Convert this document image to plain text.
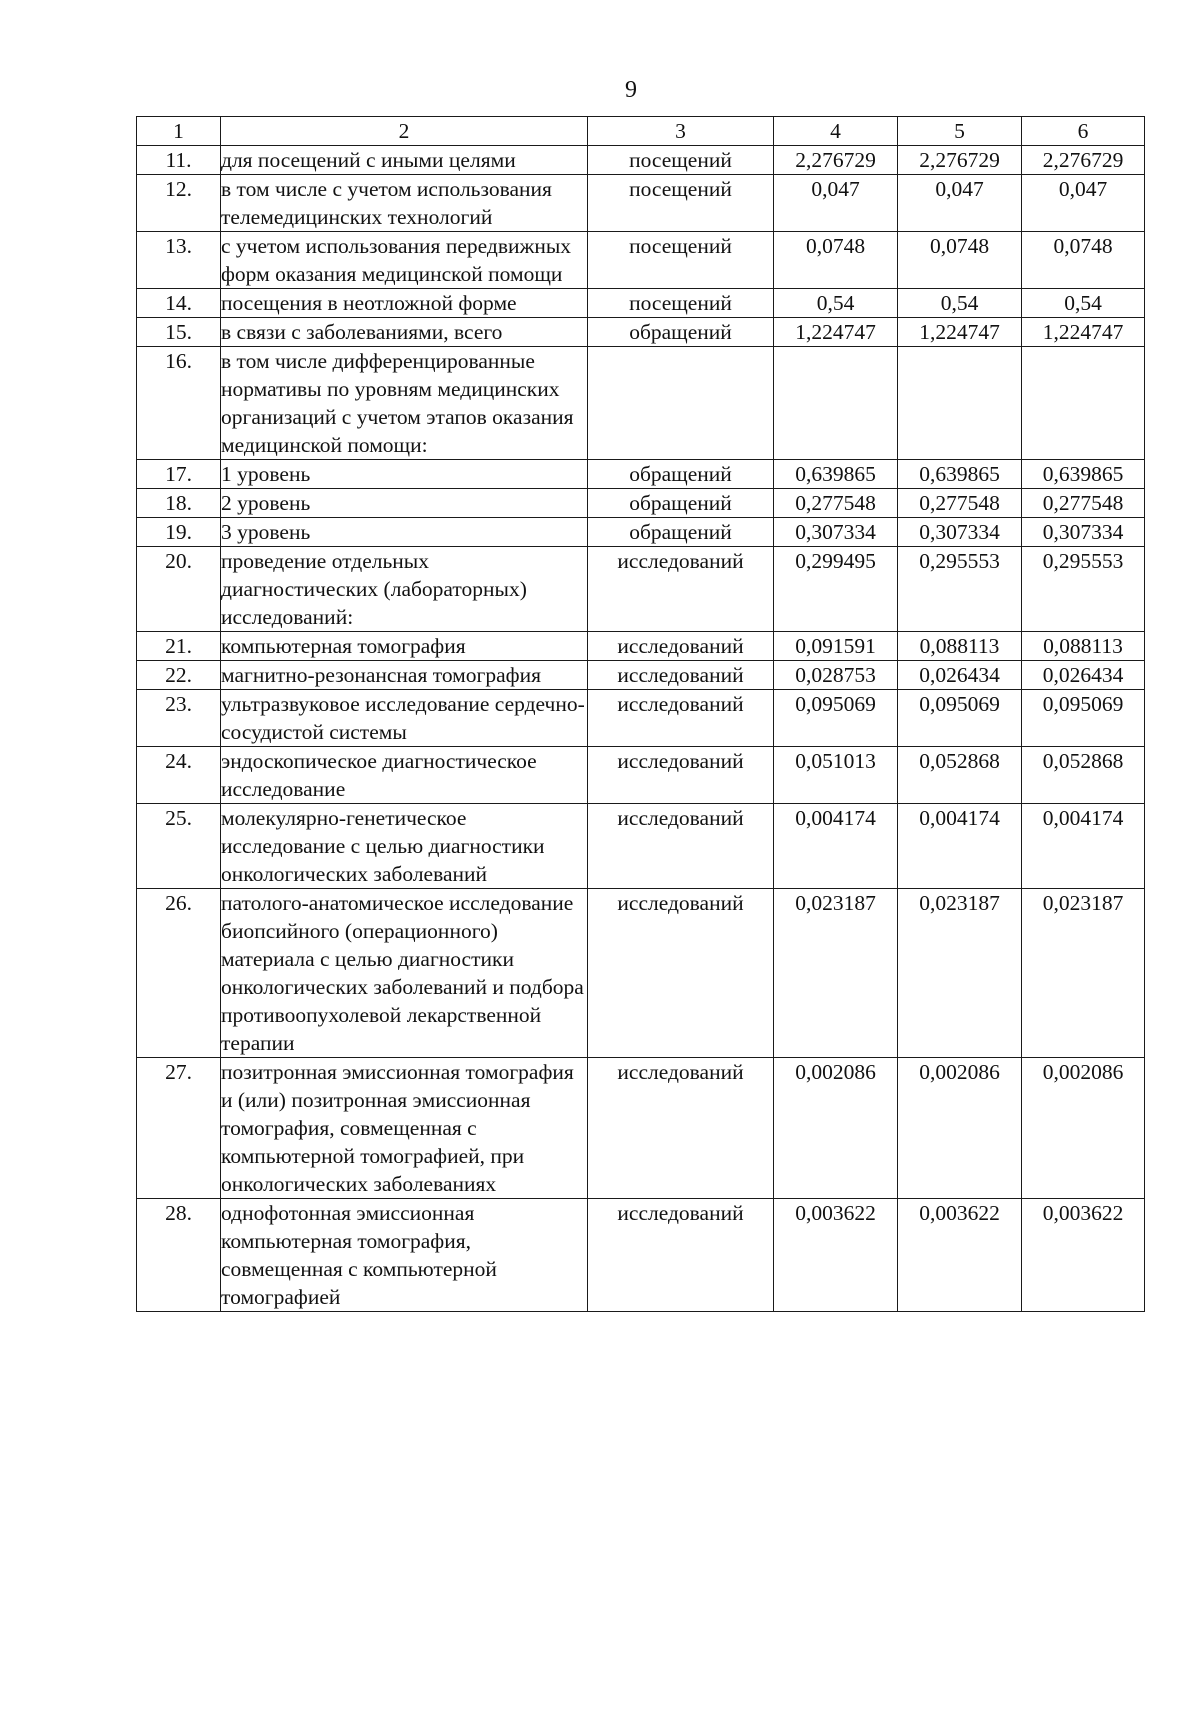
9
1	2	3	4	5	6
11.	для посещений с иными целями	посещений	2,276729	2,276729	2,276729
12.	в том числе с учетом использования телемедицинских технологий	посещений	0,047	0,047	0,047
13.	с учетом использования передвижных форм оказания медицинской помощи	посещений	0,0748	0,0748	0,0748
14.	посещения в неотложной форме	посещений	0,54	0,54	0,54
15.	в связи с заболеваниями, всего	обращений	1,224747	1,224747	1,224747
16.	в том числе дифференцированные нормативы по уровням медицинских организаций с учетом этапов оказания медицинской помощи:				
17.	1 уровень	обращений	0,639865	0,639865	0,639865
18.	2 уровень	обращений	0,277548	0,277548	0,277548
19.	3 уровень	обращений	0,307334	0,307334	0,307334
20.	проведение отдельных диагностических (лабораторных) исследований:	исследований	0,299495	0,295553	0,295553
21.	компьютерная томография	исследований	0,091591	0,088113	0,088113
22.	магнитно-резонансная томография	исследований	0,028753	0,026434	0,026434
23.	ультразвуковое исследование сердечно-сосудистой системы	исследований	0,095069	0,095069	0,095069
24.	эндоскопическое диагностическое исследование	исследований	0,051013	0,052868	0,052868
25.	молекулярно-генетическое исследование с целью диагностики онкологических заболеваний	исследований	0,004174	0,004174	0,004174
26.	патолого-анатомическое исследование биопсийного (операционного) материала с целью диагностики онкологических заболеваний и подбора противоопухолевой лекарственной терапии	исследований	0,023187	0,023187	0,023187
27.	позитронная эмиссионная томография и (или) позитронная эмиссионная томография, совмещенная с компьютерной томографией, при онкологических заболеваниях	исследований	0,002086	0,002086	0,002086
28.	однофотонная эмиссионная компьютерная томография, совмещенная с компьютерной томографией	исследований	0,003622	0,003622	0,003622
